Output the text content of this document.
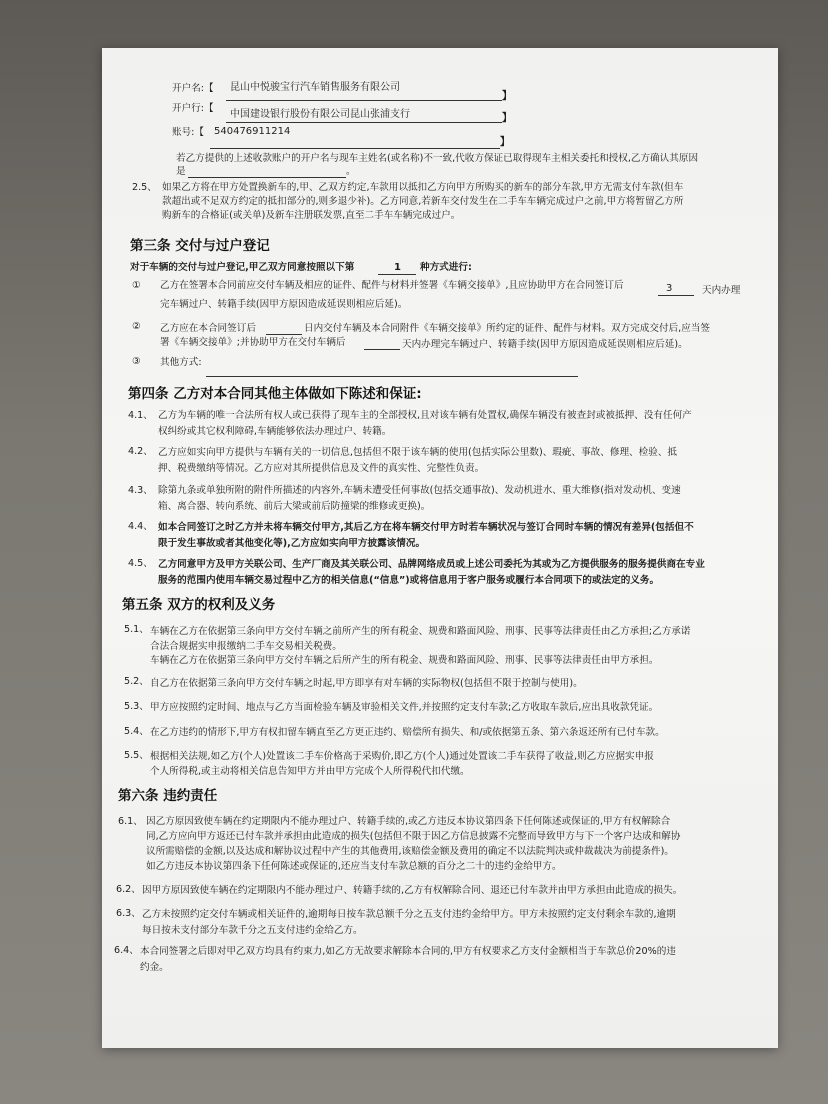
开户名:【 昆山中悦骏宝行汽车销售服务有限公司
】
开户行:【
中国建设银行股份有限公司昆山张浦支行	】
账号:【 540476911214
】
若乙方提供的上述收款账户的开户名与现车主姓名(或名称)不一致,代收方保证已取得现车主相关委托和授权,乙方确认其原因
是	。
2.5、 如果乙方将在甲方处置换新车的,甲、乙双方约定,车款用以抵扣乙方向甲方所购买的新车的部分车款,甲方无需支付车款(但车
款超出或不足双方约定的抵扣部分的,则多退少补)。乙方同意,若新车交付发生在二手车车辆完成过户之前,甲方将暂留乙方所
购新车的合格证(或关单)及新车注册联发票,直至二手车车辆完成过户。
第三条 交付与过户登记
对于车辆的交付与过户登记,甲乙双方同意按照以下第	1 种方式进行:
① 乙方在签署本合同前应交付车辆及相应的证件、配件与材料并签署《车辆交接单》,且应协助甲方在合同签订后	3	天内办理
完车辆过户、转籍手续(因甲方原因造成延误则相应后延)。
② 乙方应在本合同签订后	日内交付车辆及本合同附件《车辆交接单》所约定的证件、配件与材料。双方完成交付后,应当签
署《车辆交接单》;并协助甲方在交付车辆后	天内办理完车辆过户、转籍手续(因甲方原因造成延误则相应后延)。
③ 其他方式:
第四条 乙方对本合同其他主体做如下陈述和保证:
4.1、 乙方为车辆的唯一合法所有权人或已获得了现车主的全部授权,且对该车辆有处置权,确保车辆没有被查封或被抵押、没有任何产
权纠纷或其它权利障碍,车辆能够依法办理过户、转籍。
4.2、 乙方应如实向甲方提供与车辆有关的一切信息,包括但不限于该车辆的使用(包括实际公里数)、瑕疵、事故、修理、检验、抵
押、税费缴纳等情况。乙方应对其所提供信息及文件的真实性、完整性负责。
4.3、 除第九条或单独所附的附件所描述的内容外,车辆未遭受任何事故(包括交通事故)、发动机进水、重大维修(指对发动机、变速
箱、离合器、转向系统、前后大梁或前后防撞梁的维修或更换)。
4.4、 如本合同签订之时乙方并未将车辆交付甲方,其后乙方在将车辆交付甲方时若车辆状况与签订合同时车辆的情况有差异(包括但不
限于发生事故或者其他变化等),乙方应如实向甲方披露该情况。
4.5、 乙方同意甲方及甲方关联公司、生产厂商及其关联公司、品牌网络成员或上述公司委托为其或为乙方提供服务的服务提供商在专业
服务的范围内使用车辆交易过程中乙方的相关信息(“信息”)或将信息用于客户服务或履行本合同项下的或法定的义务。
第五条 双方的权利及义务
5.1、 车辆在乙方在依据第三条向甲方交付车辆之前所产生的所有税金、规费和路面风险、刑事、民事等法律责任由乙方承担;乙方承诺
合法合规据实申报缴纳二手车交易相关税费。
车辆在乙方在依据第三条向甲方交付车辆之后所产生的所有税金、规费和路面风险、刑事、民事等法律责任由甲方承担。
5.2、 自乙方在依据第三条向甲方交付车辆之时起,甲方即享有对车辆的实际物权(包括但不限于控制与使用)。
5.3、 甲方应按照约定时间、地点与乙方当面检验车辆及审验相关文件,并按照约定支付车款;乙方收取车款后,应出具收款凭证。
5.4、 在乙方违约的情形下,甲方有权扣留车辆直至乙方更正违约、赔偿所有损失、和/或依据第五条、第六条返还所有已付车款。
5.5、 根据相关法规,如乙方(个人)处置该二手车价格高于采购价,即乙方(个人)通过处置该二手车获得了收益,则乙方应据实申报
个人所得税,或主动将相关信息告知甲方并由甲方完成个人所得税代扣代缴。
第六条 违约责任
6.1、 因乙方原因致使车辆在约定期限内不能办理过户、转籍手续的,或乙方违反本协议第四条下任何陈述或保证的,甲方有权解除合
同,乙方应向甲方返还已付车款并承担由此造成的损失(包括但不限于因乙方信息披露不完整而导致甲方与下一个客户达成和解协
议所需赔偿的金额,以及达成和解协议过程中产生的其他费用,该赔偿金额及费用的确定不以法院判决或仲裁裁决为前提条件)。
如乙方违反本协议第四条下任何陈述或保证的,还应当支付车款总额的百分之二十的违约金给甲方。
6.2、 因甲方原因致使车辆在约定期限内不能办理过户、转籍手续的,乙方有权解除合同、退还已付车款并由甲方承担由此造成的损失。
6.3、 乙方未按照约定交付车辆或相关证件的,逾期每日按车款总额千分之五支付违约金给甲方。甲方未按照约定支付剩余车款的,逾期
每日按未支付部分车款千分之五支付违约金给乙方。
6.4、 本合同签署之后即对甲乙双方均具有约束力,如乙方无故要求解除本合同的,甲方有权要求乙方支付金额相当于车款总价20%的违
约金。
